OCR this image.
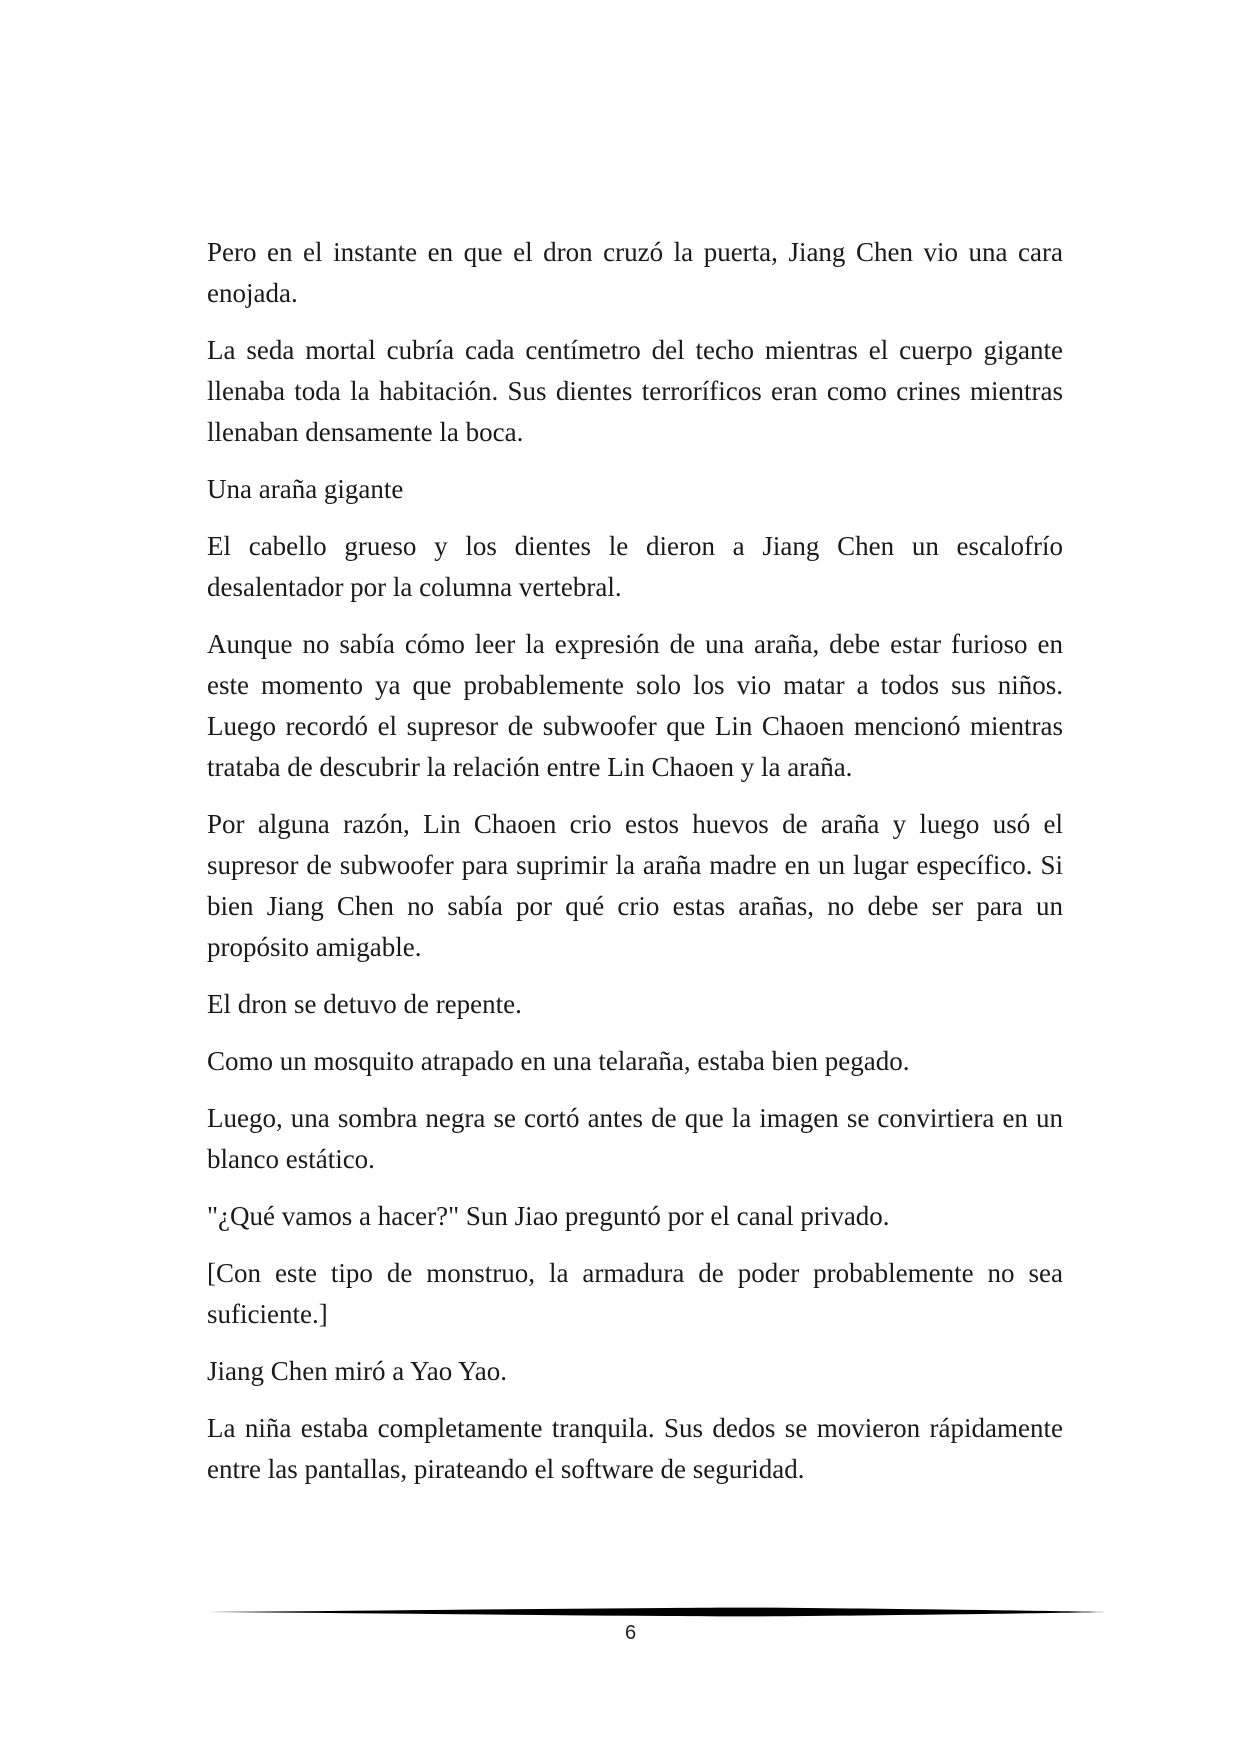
Pero en el instante en que el dron cruzó la puerta, Jiang Chen vio una cara enojada.

La seda mortal cubría cada centímetro del techo mientras el cuerpo gigante llenaba toda la habitación. Sus dientes terroríficos eran como crines mientras llenaban densamente la boca.

Una araña gigante

El cabello grueso y los dientes le dieron a Jiang Chen un escalofrío desalentador por la columna vertebral.

Aunque no sabía cómo leer la expresión de una araña, debe estar furioso en este momento ya que probablemente solo los vio matar a todos sus niños. Luego recordó el supresor de subwoofer que Lin Chaoen mencionó mientras trataba de descubrir la relación entre Lin Chaoen y la araña.

Por alguna razón, Lin Chaoen crio estos huevos de araña y luego usó el supresor de subwoofer para suprimir la araña madre en un lugar específico. Si bien Jiang Chen no sabía por qué crio estas arañas, no debe ser para un propósito amigable.

El dron se detuvo de repente.

Como un mosquito atrapado en una telaraña, estaba bien pegado.

Luego, una sombra negra se cortó antes de que la imagen se convirtiera en un blanco estático.

"¿Qué vamos a hacer?" Sun Jiao preguntó por el canal privado.

[Con este tipo de monstruo, la armadura de poder probablemente no sea suficiente.]

Jiang Chen miró a Yao Yao.

La niña estaba completamente tranquila. Sus dedos se movieron rápidamente entre las pantallas, pirateando el software de seguridad.

6
